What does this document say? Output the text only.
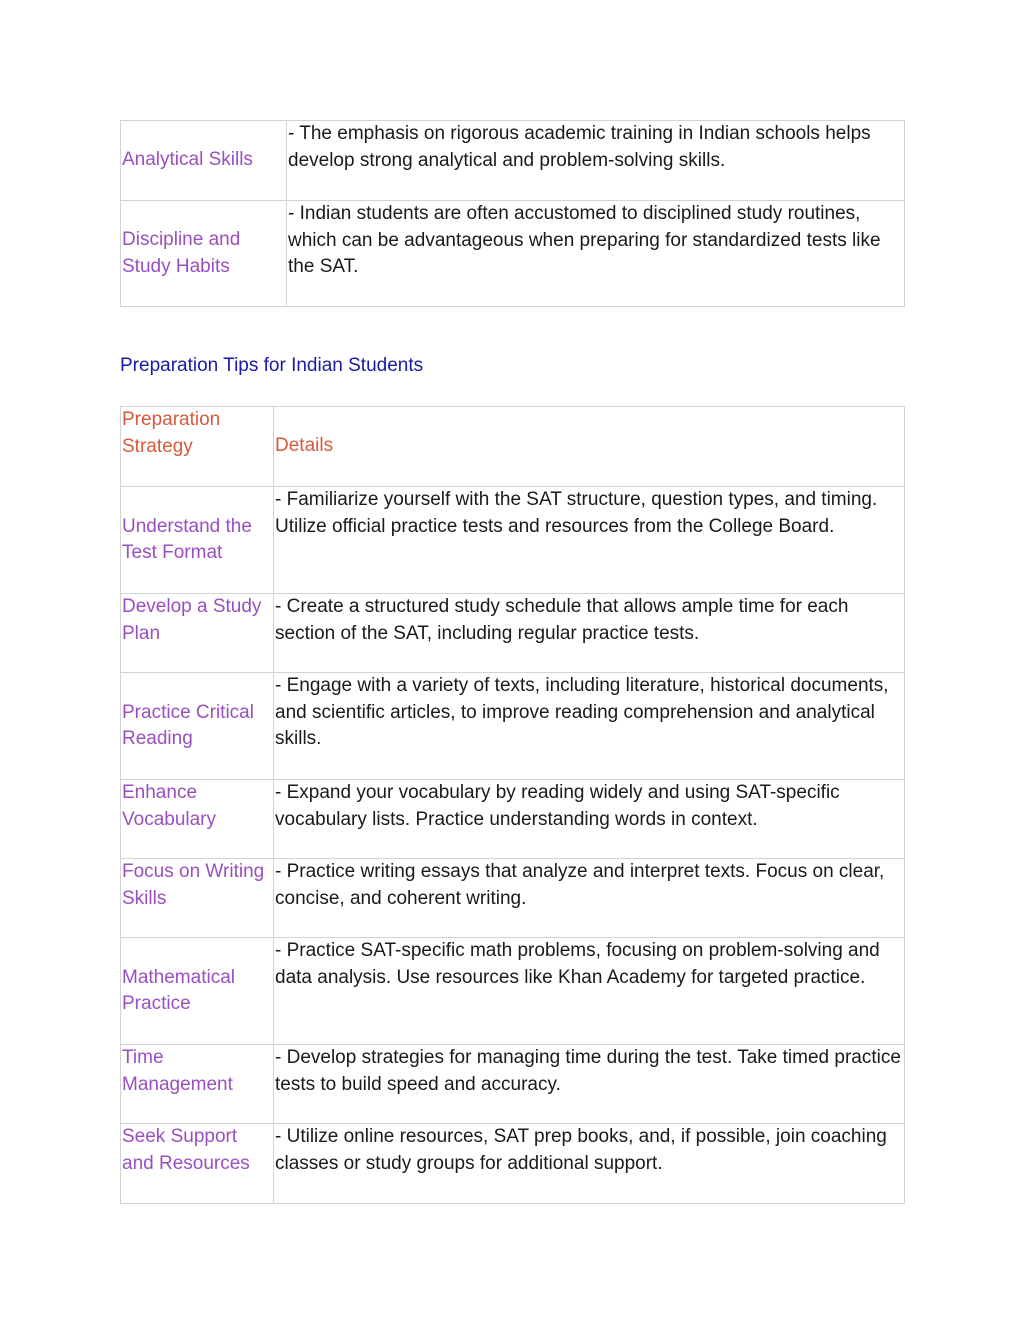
Analytical Skills	- The emphasis on rigorous academic training in Indian schools helps develop strong analytical and problem-solving skills.
Discipline and Study Habits	- Indian students are often accustomed to disciplined study routines, which can be advantageous when preparing for standardized tests like the SAT.
Preparation Tips for Indian Students
Preparation Strategy	Details
Understand the Test Format	- Familiarize yourself with the SAT structure, question types, and timing. Utilize official practice tests and resources from the College Board.
Develop a Study Plan	- Create a structured study schedule that allows ample time for each section of the SAT, including regular practice tests.
Practice Critical Reading	- Engage with a variety of texts, including literature, historical documents, and scientific articles, to improve reading comprehension and analytical skills.
Enhance Vocabulary	- Expand your vocabulary by reading widely and using SAT-specific vocabulary lists. Practice understanding words in context.
Focus on Writing Skills	- Practice writing essays that analyze and interpret texts. Focus on clear, concise, and coherent writing.
Mathematical Practice	- Practice SAT-specific math problems, focusing on problem-solving and data analysis. Use resources like Khan Academy for targeted practice.
Time Management	- Develop strategies for managing time during the test. Take timed practice tests to build speed and accuracy.
Seek Support and Resources	- Utilize online resources, SAT prep books, and, if possible, join coaching classes or study groups for additional support.
